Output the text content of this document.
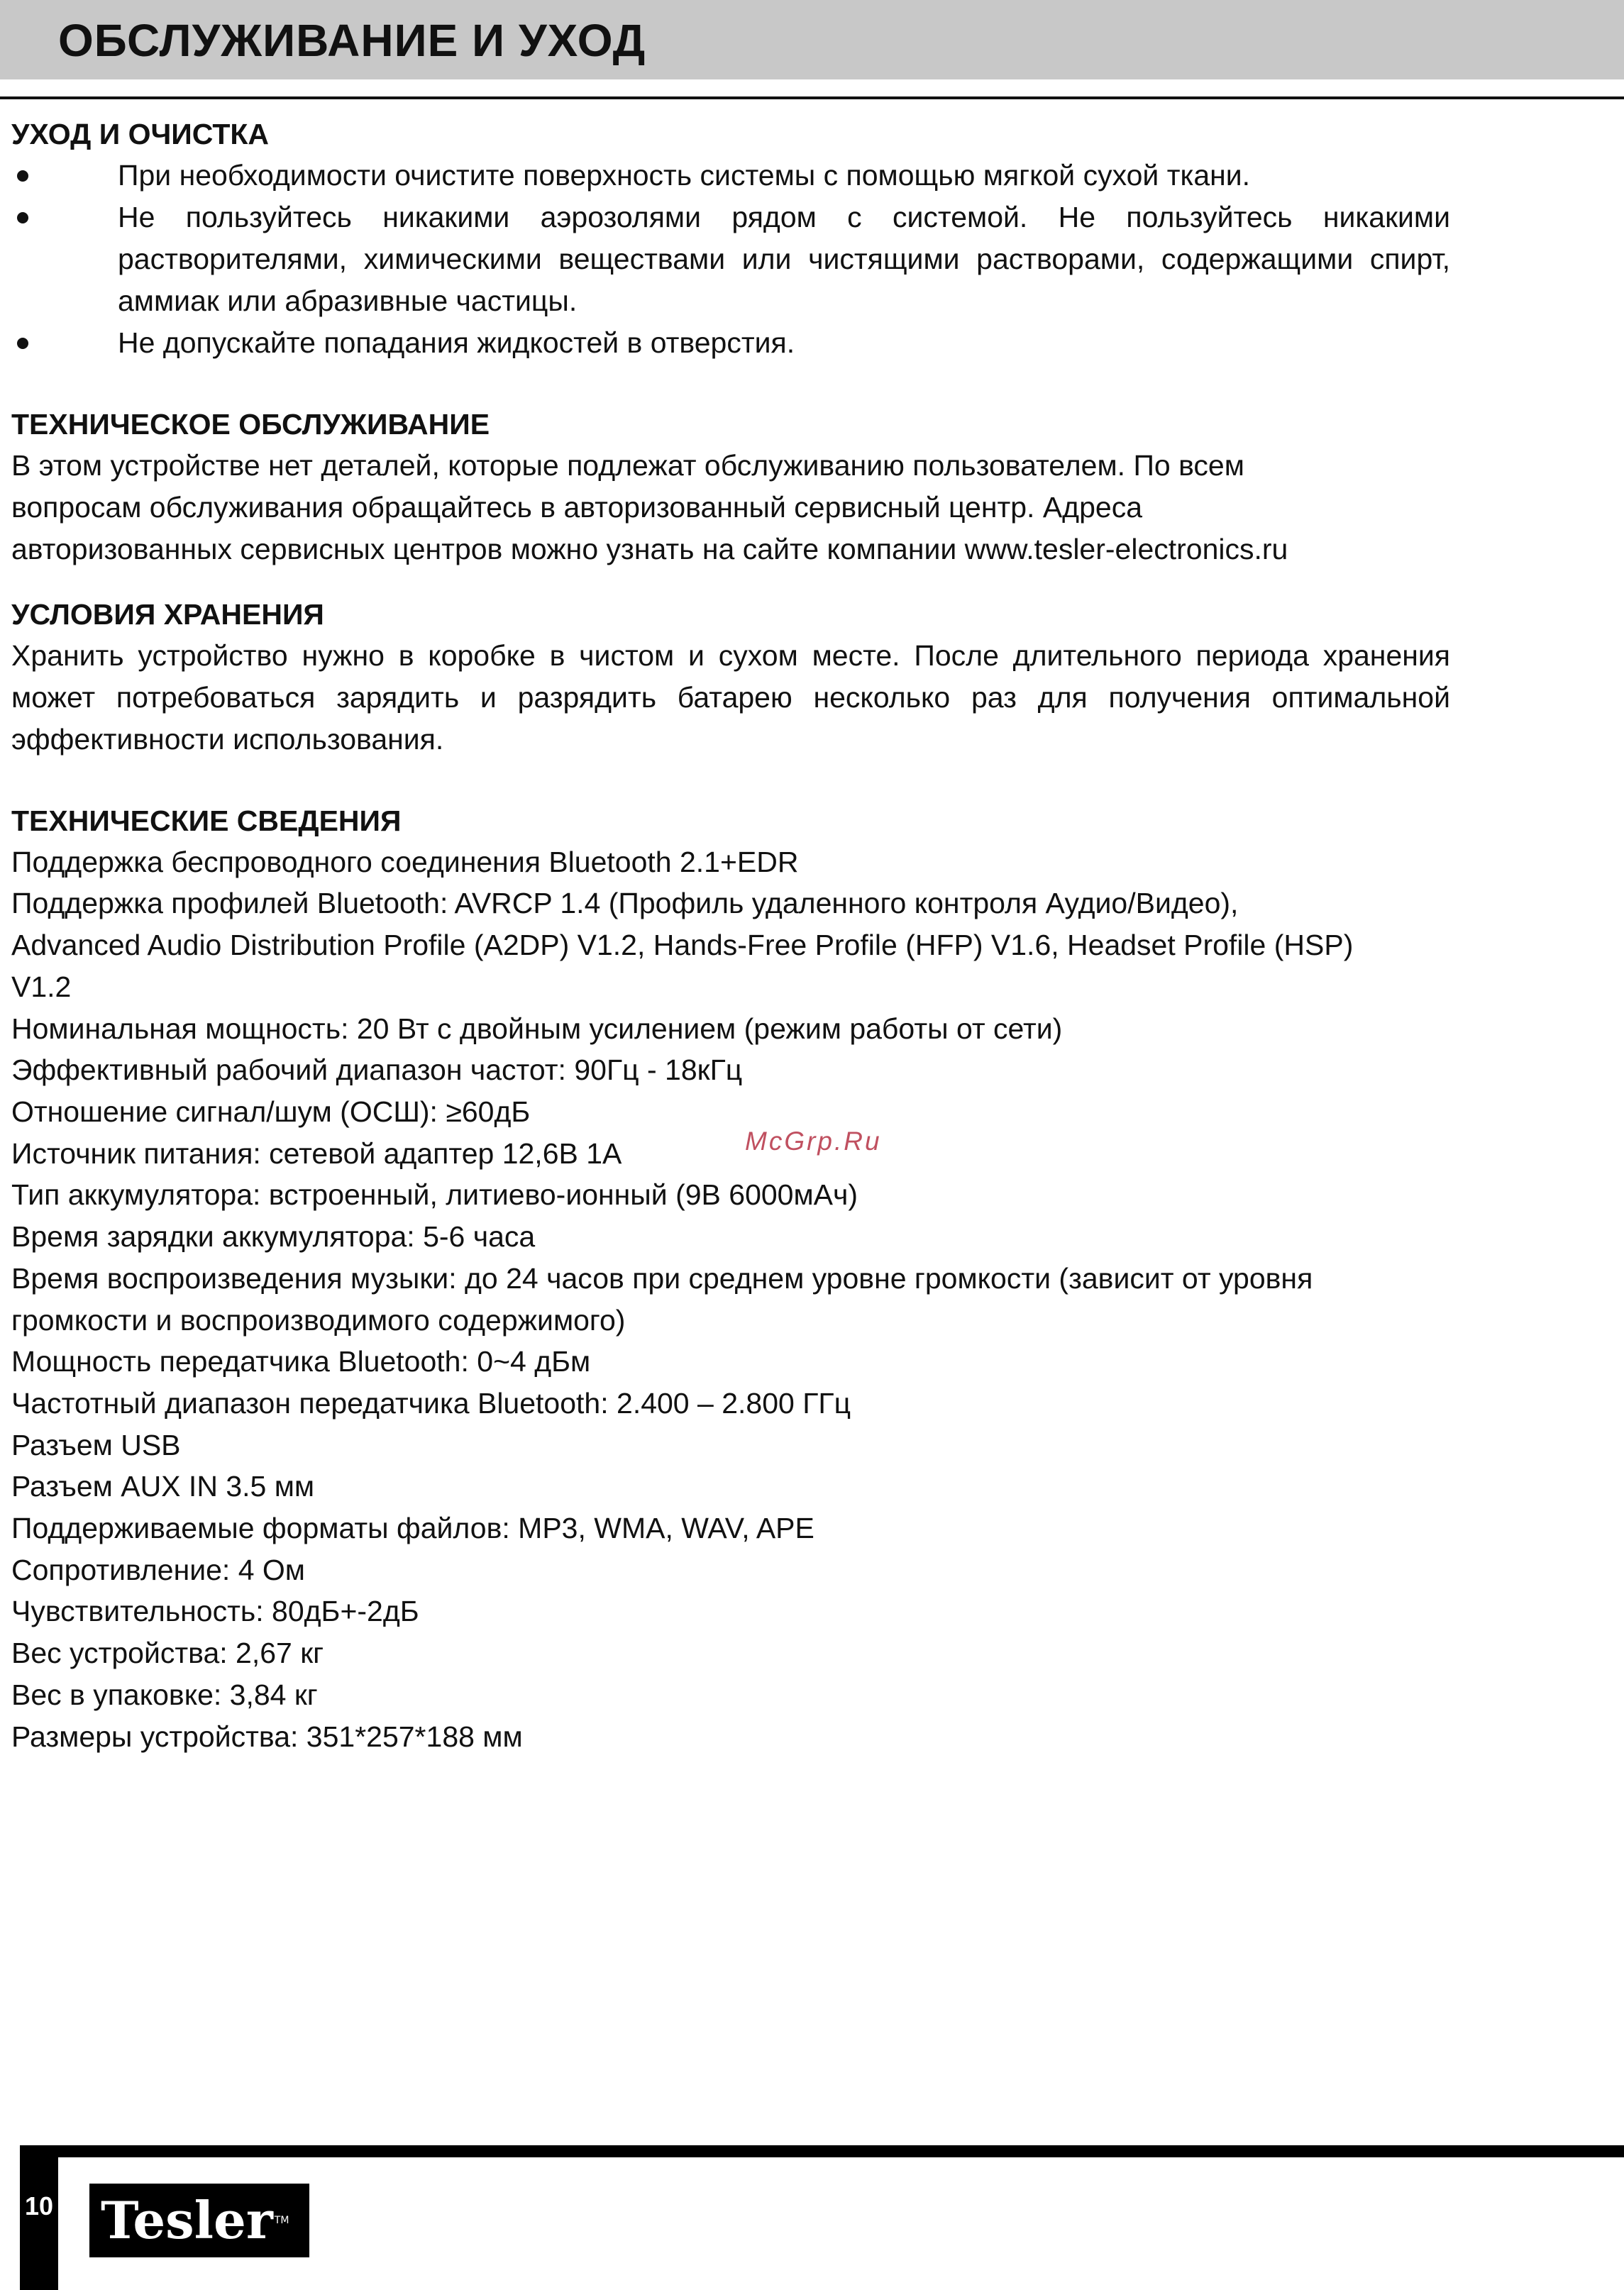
ОБСЛУЖИВАНИЕ И УХОД
УХОД И ОЧИСТКА
При необходимости очистите поверхность системы с помощью мягкой сухой ткани.
Не пользуйтесь никакими аэрозолями рядом с системой. Не пользуйтесь никакими растворителями, химическими веществами или чистящими растворами, содержащими спирт, аммиак или абразивные частицы.
Не допускайте попадания жидкостей в отверстия.
ТЕХНИЧЕСКОЕ ОБСЛУЖИВАНИЕ

В этом устройстве нет деталей, которые подлежат обслуживанию пользователем. По всем

вопросам обслуживания обращайтесь в авторизованный сервисный центр. Адреса

авторизованных сервисных центров можно узнать на сайте компании www.tesler-electronics.ru

УСЛОВИЯ ХРАНЕНИЯ

Хранить устройство нужно в коробке в чистом и сухом месте. После длительного периода хранения может потребоваться зарядить и разрядить батарею несколько раз для получения оптимальной эффективности использования.

ТЕХНИЧЕСКИЕ СВЕДЕНИЯ

Поддержка беспроводного соединения Bluetooth 2.1+EDR

Поддержка профилей Bluetooth: AVRCP 1.4 (Профиль удаленного контроля Аудио/Видео),

Advanced Audio Distribution Profile (A2DP) V1.2, Hands-Free Profile (HFP) V1.6, Headset Profile (HSP)

V1.2

Номинальная мощность: 20 Вт с двойным усилением (режим работы от сети)

Эффективный рабочий диапазон частот: 90Гц - 18кГц

Отношение сигнал/шум (ОСШ): ≥60дБ

Источник питания: сетевой адаптер 12,6В 1А

Тип аккумулятора: встроенный, литиево-ионный (9В 6000мАч)

Время зарядки аккумулятора: 5-6 часа

Время воспроизведения музыки: до 24 часов при среднем уровне громкости (зависит от уровня

громкости и воспроизводимого содержимого)

Мощность передатчика Bluetooth: 0~4 дБм

Частотный диапазон передатчика Bluetooth: 2.400 – 2.800 ГГц

Разъем USB

Разъем AUX IN 3.5 мм

Поддерживаемые форматы файлов: MP3, WMA, WAV, APE

Сопротивление: 4 Ом

Чувствительность: 80дБ+-2дБ

Вес устройства: 2,67 кг

Вес в упаковке: 3,84 кг

Размеры устройства: 351*257*188 мм

McGrp.Ru
10 Tesler TM
